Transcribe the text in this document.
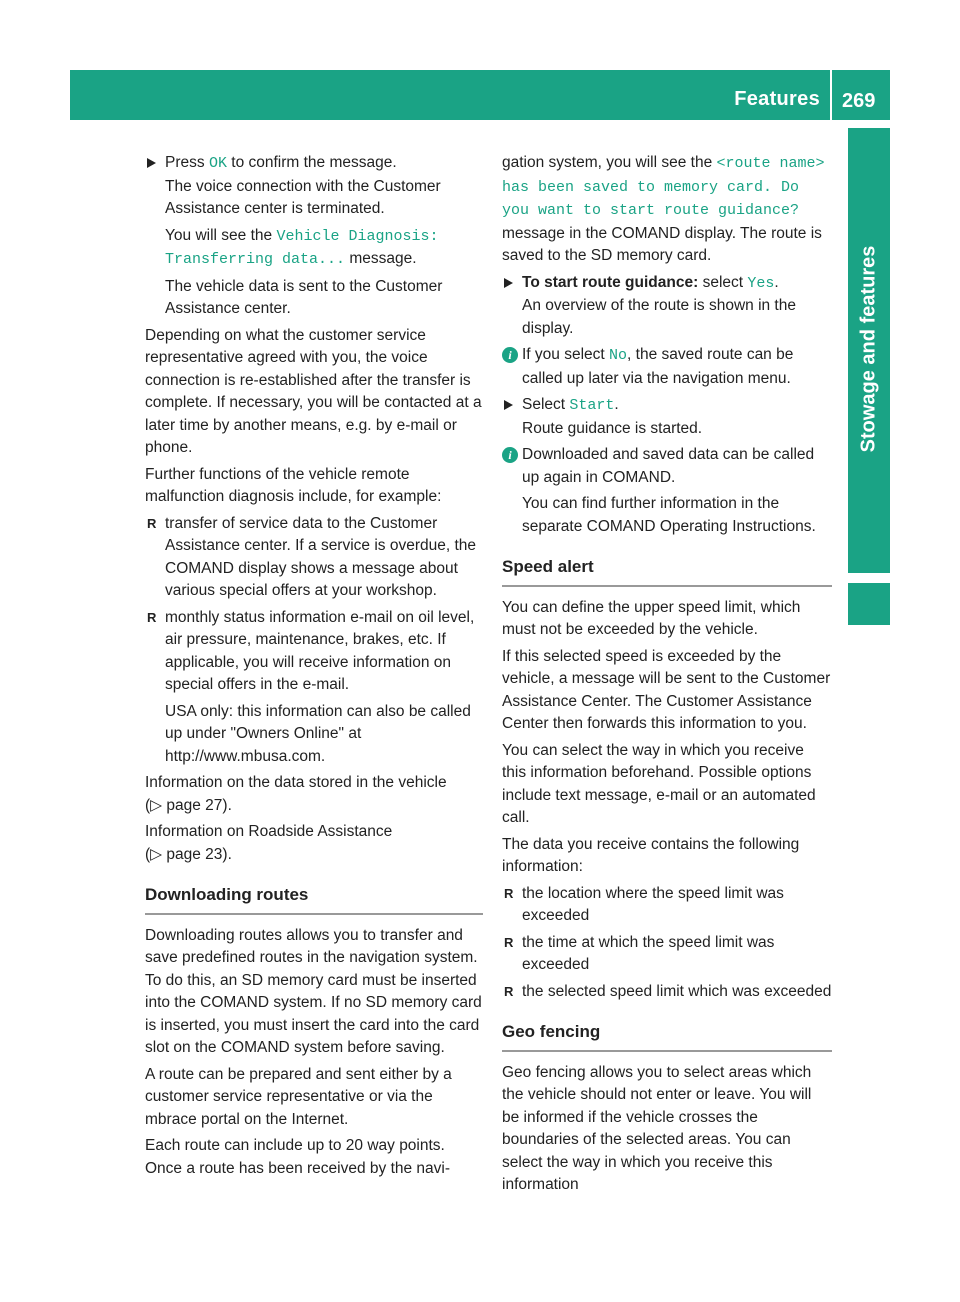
Features 269
Stowage and features

Press OK to confirm the message.
The voice connection with the Customer Assistance center is terminated.

You will see the Vehicle Diagnosis: Transferring data... message.

The vehicle data is sent to the Customer Assistance center.

Depending on what the customer service representative agreed with you, the voice connection is re-established after the transfer is complete. If necessary, you will be contacted at a later time by another means, e.g. by e-mail or phone.

Further functions of the vehicle remote malfunction diagnosis include, for example:

R transfer of service data to the Customer Assistance center. If a service is overdue, the COMAND display shows a message about various special offers at your workshop.

R monthly status information e-mail on oil level, air pressure, maintenance, brakes, etc. If applicable, you will receive information on special offers in the e-mail.

USA only: this information can also be called up under "Owners Online" at http://www.mbusa.com.

Information on the data stored in the vehicle
(▷ page 27).

Information on Roadside Assistance
(▷ page 23).

Downloading routes

Downloading routes allows you to transfer and save predefined routes in the navigation system. To do this, an SD memory card must be inserted into the COMAND system. If no SD memory card is inserted, you must insert the card into the card slot on the COMAND system before saving.

A route can be prepared and sent either by a customer service representative or via the mbrace portal on the Internet.

Each route can include up to 20 way points. Once a route has been received by the navi-

gation system, you will see the <route name> has been saved to memory card. Do you want to start route guidance? message in the COMAND display. The route is saved to the SD memory card.

To start route guidance: select Yes.
An overview of the route is shown in the display.

i If you select No, the saved route can be called up later via the navigation menu.

Select Start.
Route guidance is started.

i Downloaded and saved data can be called up again in COMAND.

You can find further information in the separate COMAND Operating Instructions.

Speed alert

You can define the upper speed limit, which must not be exceeded by the vehicle.

If this selected speed is exceeded by the vehicle, a message will be sent to the Customer Assistance Center. The Customer Assistance Center then forwards this information to you.

You can select the way in which you receive this information beforehand. Possible options include text message, e-mail or an automated call.

The data you receive contains the following information:

R the location where the speed limit was exceeded

R the time at which the speed limit was exceeded

R the selected speed limit which was exceeded

Geo fencing

Geo fencing allows you to select areas which the vehicle should not enter or leave. You will be informed if the vehicle crosses the boundaries of the selected areas. You can select the way in which you receive this information
